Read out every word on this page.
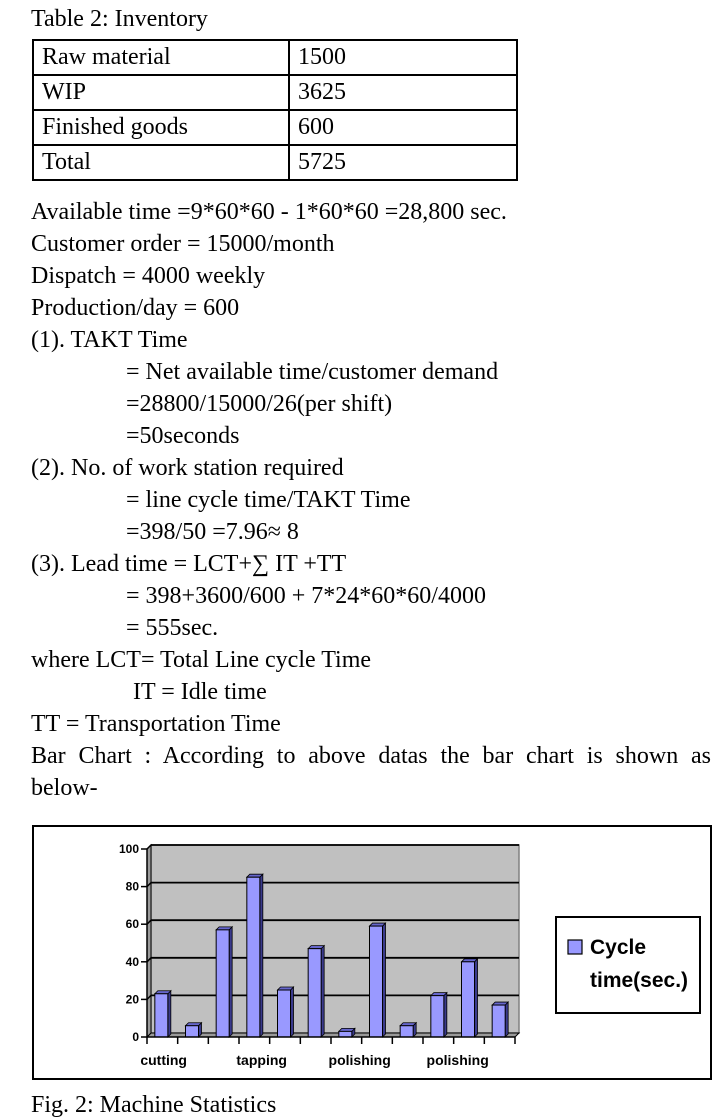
Table 2: Inventory
Raw material	1500
WIP	3625
Finished goods	600
Total	5725
Available time =9*60*60 - 1*60*60 =28,800 sec.
Customer order = 15000/month
Dispatch = 4000 weekly
Production/day = 600
(1). TAKT Time
= Net available time/customer demand
=28800/15000/26(per shift)
=50seconds
(2). No. of work station required
= line cycle time/TAKT Time
=398/50 =7.96≈ 8
(3). Lead time = LCT+∑ IT +TT
= 398+3600/600 + 7*24*60*60/4000
= 555sec.
where LCT= Total Line cycle Time
IT = Idle time
TT = Transportation Time
Bar Chart : According to above datas the bar chart is shown as
below-
0
20
40
60
80
100
cutting	tapping	polishing	polishing
Cycle
time(sec.)
Fig. 2: Machine Statistics
